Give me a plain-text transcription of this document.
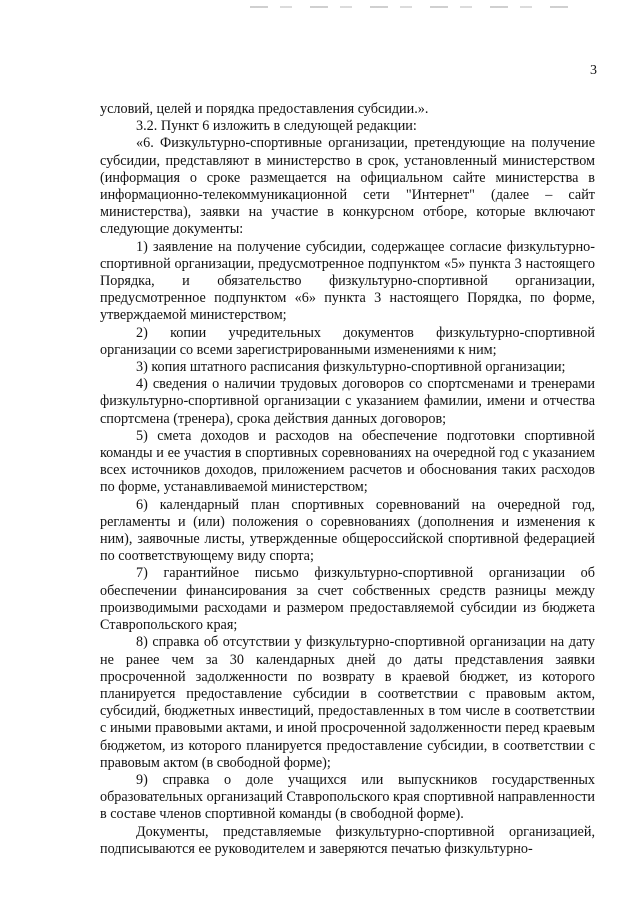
3

условий, целей и порядка предоставления субсидии.».

3.2. Пункт 6 изложить в следующей редакции:

«6. Физкультурно-спортивные организации, претендующие на получение субсидии, представляют в министерство в срок, установленный министерством (информация о сроке размещается на официальном сайте министерства в информационно-телекоммуникационной сети "Интернет" (далее – сайт министерства), заявки на участие в конкурсном отборе, которые включают следующие документы:

1) заявление на получение субсидии, содержащее согласие физкультурно-спортивной организации, предусмотренное подпунктом «5» пункта 3 настоящего Порядка, и обязательство физкультурно-спортивной организации, предусмотренное подпунктом «6» пункта 3 настоящего Порядка, по форме, утверждаемой министерством;

2) копии учредительных документов физкультурно-спортивной организации со всеми зарегистрированными изменениями к ним;

3) копия штатного расписания физкультурно-спортивной организации;

4) сведения о наличии трудовых договоров со спортсменами и тренерами физкультурно-спортивной организации с указанием фамилии, имени и отчества спортсмена (тренера), срока действия данных договоров;

5) смета доходов и расходов на обеспечение подготовки спортивной команды и ее участия в спортивных соревнованиях на очередной год с указанием всех источников доходов, приложением расчетов и обоснования таких расходов по форме, устанавливаемой министерством;

6) календарный план спортивных соревнований на очередной год, регламенты и (или) положения о соревнованиях (дополнения и изменения к ним), заявочные листы, утвержденные общероссийской спортивной федерацией по соответствующему виду спорта;

7) гарантийное письмо физкультурно-спортивной организации об обеспечении финансирования за счет собственных средств разницы между производимыми расходами и размером предоставляемой субсидии из бюджета Ставропольского края;

8) справка об отсутствии у физкультурно-спортивной организации на дату не ранее чем за 30 календарных дней до даты представления заявки просроченной задолженности по возврату в краевой бюджет, из которого планируется предоставление субсидии в соответствии с правовым актом, субсидий, бюджетных инвестиций, предоставленных в том числе в соответствии с иными правовыми актами, и иной просроченной задолженности перед краевым бюджетом, из которого планируется предоставление субсидии, в соответствии с правовым актом (в свободной форме);

9) справка о доле учащихся или выпускников государственных образовательных организаций Ставропольского края спортивной направленности в составе членов спортивной команды (в свободной форме).

Документы, представляемые физкультурно-спортивной организацией, подписываются ее руководителем и заверяются печатью физкультурно-
